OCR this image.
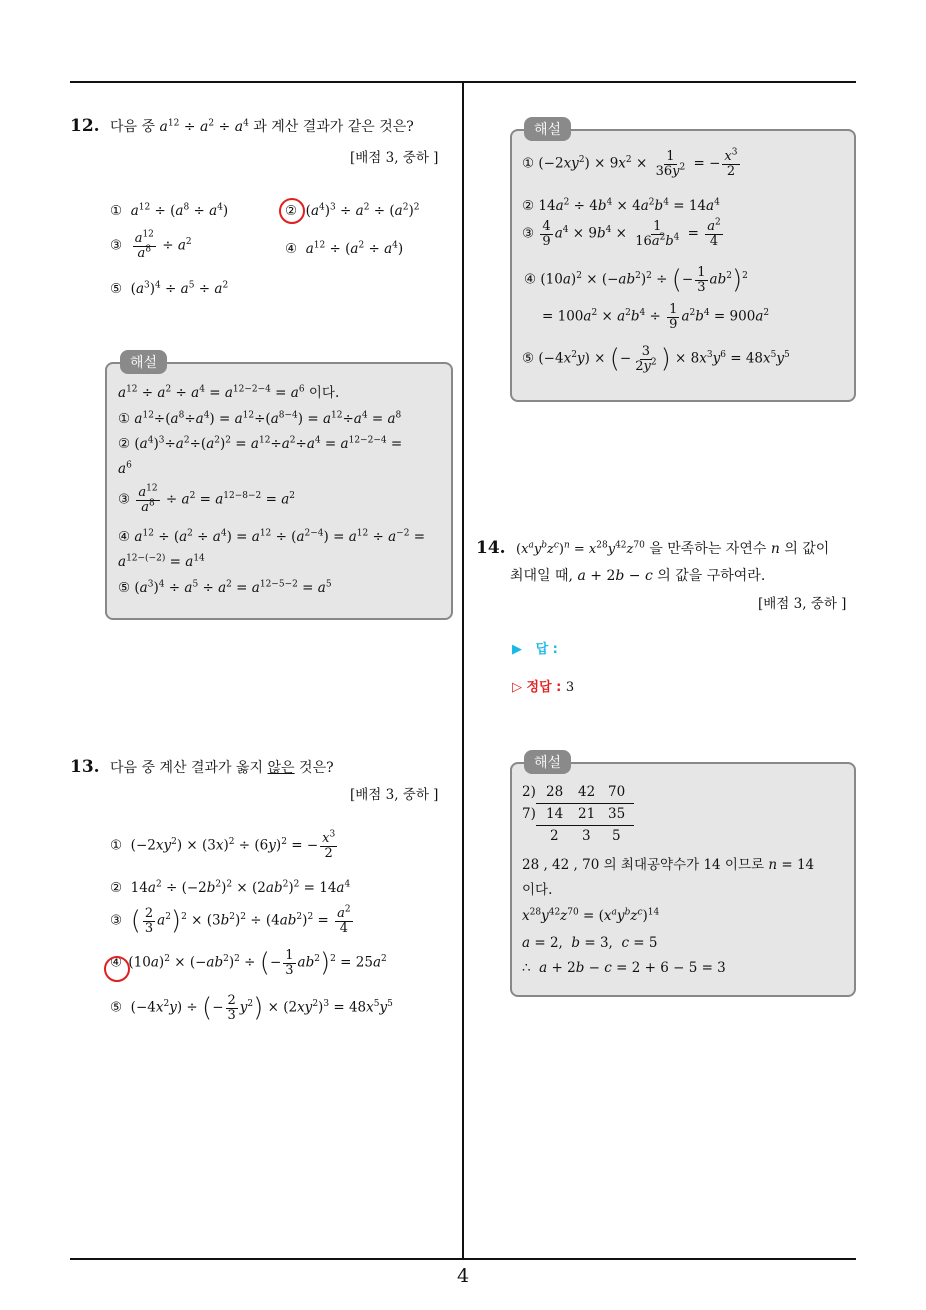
12. 다음 중 $a^{12} \div a^2 \div a^4$ 과 계산 결과가 같은 것은?
[배점 3, 중하 ]
①  $a^{12} \div (a^8 \div a^4)$	②  $(a^4)^3 \div a^2 \div (a^2)^2$
③ $\frac{a^{12}}{a^8} \div a^2$	④  $a^{12} \div (a^2 \div a^4)$
⑤  $(a^3)^4 \div a^5 \div a^2$
해설
$a^{12} \div a^2 \div a^4 = a^{12-2-4} = a^6$ 이다.
① $a^{12}\div(a^8\div a^4) = a^{12}\div(a^{8-4}) = a^{12}\div a^4 = a^8$
② $(a^4)^3\div a^2\div(a^2)^2 = a^{12}\div a^2\div a^4 = a^{12-2-4}$ =
$a^6$
③ $\frac{a^{12}}{a^8} \div a^2 = a^{12-8-2} = a^2$
④ $a^{12} \div (a^2 \div a^4) = a^{12} \div (a^{2-4}) = a^{12} \div a^{-2}$ =
$a^{12-(-2)} = a^{14}$
⑤ $(a^3)^4 \div a^5 \div a^2 = a^{12-5-2} = a^5$
13. 다음 중 계산 결과가 옳지 않은 것은?
[배점 3, 중하 ]
①  $(-2xy^2) \times (3x)^2 \div (6y)^2$ = − $\frac{x^3}{2}$
②  $14a^2 \div (-2b^2)^2 \times (2ab^2)^2 = 14a^4$
③  ( $\frac{2}{3} a^2)^2 \times (3b^2)^2 \div (4ab^2)^2 = \frac{a^2}{4}$
④ $(10a)^2 \times (-ab^2)^2$ ÷ (− $\frac{1}{3} ab^2)^2 = 25a^2$
⑤  $(-4x^2y)$ ÷ (− $\frac{2}{3} y^2) \times (2xy^2)^3 = 48x^5y^5$
해설
① $(-2xy^2) \times 9x^2 \times \frac{1}{36y^2}$ = − $\frac{x^3}{2}$
② $14a^2 \div 4b^4 \times 4a^2b^4 = 14a^4$
③ $\frac{4}{9} a^4 \times 9b^4 \times \frac{1}{16a^2b^4} = \frac{a^2}{4}$
④ $(10a)^2 \times (-ab^2)^2$ ÷ (− $\frac{1}{3} ab^2)^2$
= $100a^2 \times a^2b^4 \div \frac{1}{9} a^2b^4 = 900a^2$
⑤ $(-4x^2y)$ × (− $\frac{3}{2y^2}$ ) × $8x^3y^6 = 48x^5y^5$
14. $(x^ay^bz^c)^n = x^{28}y^{42}z^{70}$ 을 만족하는 자연수 n 의 값이
최대일 때, a + 2b − c 의 값을 구하여라.
[배점 3, 중하 ]
▶ 답 :
▷ 정답 : 3
해설
2) 28 42 70
7) 14 21 35
2 3 5
28 , 42 , 70 의 최대공약수가 14 이므로 n = 14
이다.
$x^{28}y^{42}z^{70} = (x^ay^bz^c)^{14}$
a = 2,  b = 3,  c = 5
∴  a + 2b − c = 2 + 6 − 5 = 3
4
